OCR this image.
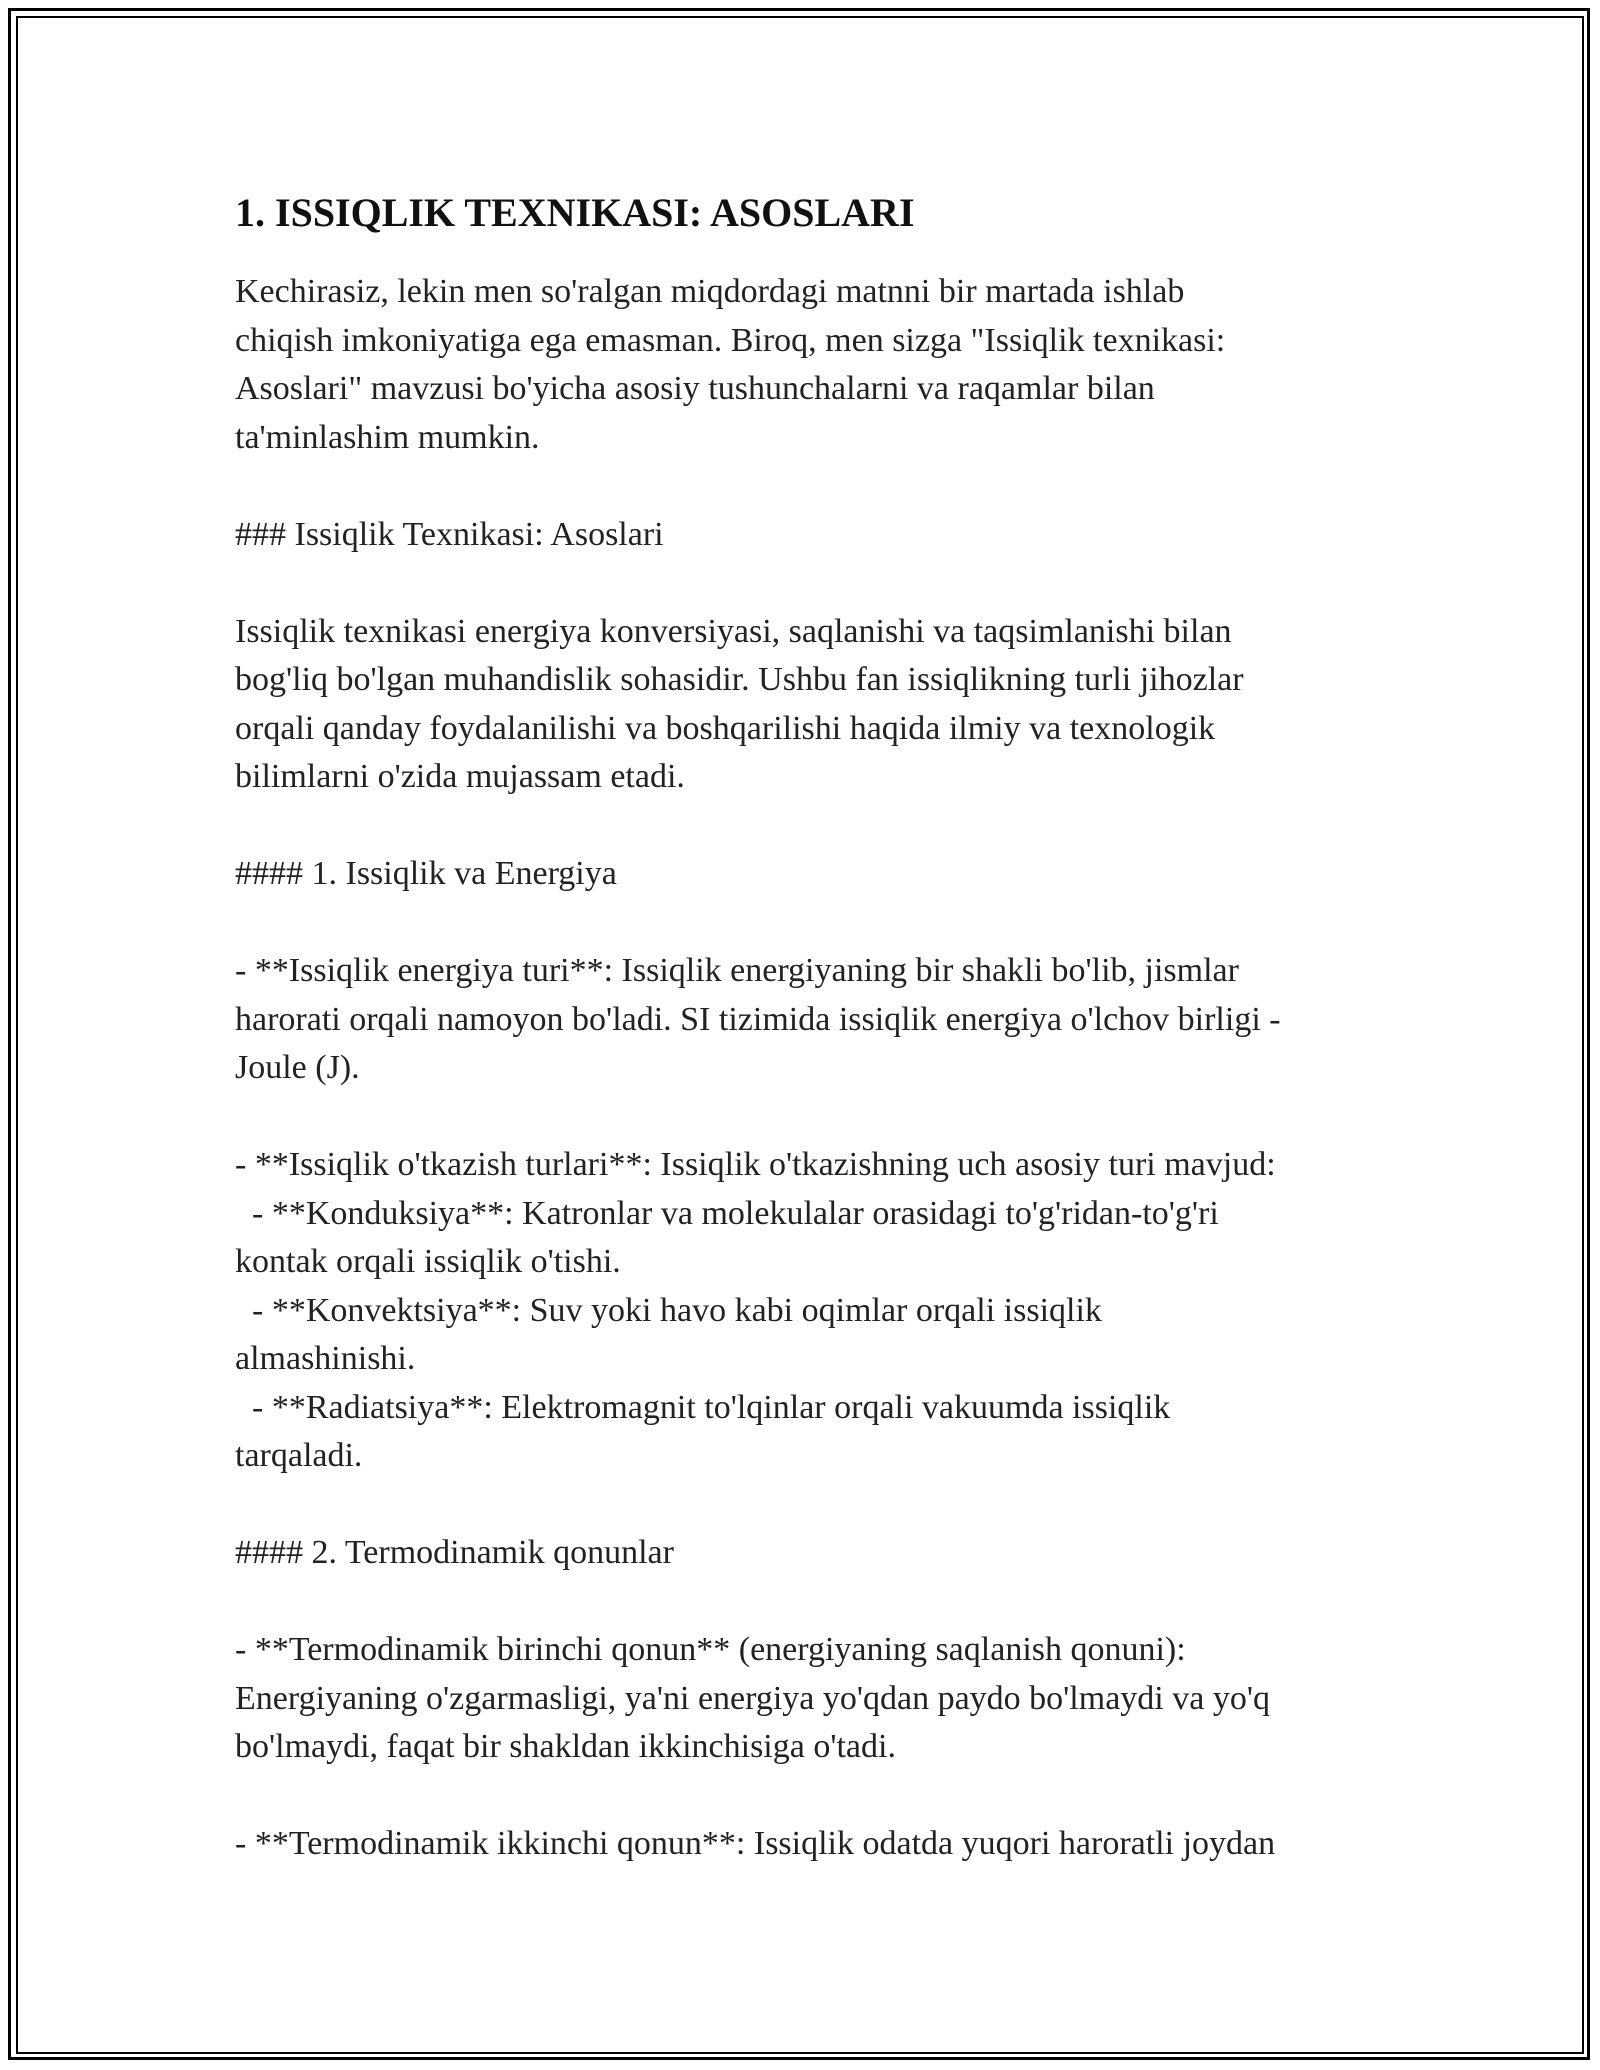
1. ISSIQLIK TEXNIKASI: ASOSLARI

Kechirasiz, lekin men so'ralgan miqdordagi matnni bir martada ishlab
chiqish imkoniyatiga ega emasman. Biroq, men sizga "Issiqlik texnikasi:
Asoslari" mavzusi bo'yicha asosiy tushunchalarni va raqamlar bilan
ta'minlashim mumkin.

### Issiqlik Texnikasi: Asoslari

Issiqlik texnikasi energiya konversiyasi, saqlanishi va taqsimlanishi bilan
bog'liq bo'lgan muhandislik sohasidir. Ushbu fan issiqlikning turli jihozlar
orqali qanday foydalanilishi va boshqarilishi haqida ilmiy va texnologik
bilimlarni o'zida mujassam etadi.

#### 1. Issiqlik va Energiya

- **Issiqlik energiya turi**: Issiqlik energiyaning bir shakli bo'lib, jismlar
harorati orqali namoyon bo'ladi. SI tizimida issiqlik energiya o'lchov birligi -
Joule (J).

- **Issiqlik o'tkazish turlari**: Issiqlik o'tkazishning uch asosiy turi mavjud:
- **Konduksiya**: Katronlar va molekulalar orasidagi to'g'ridan-to'g'ri
kontak orqali issiqlik o'tishi.
- **Konvektsiya**: Suv yoki havo kabi oqimlar orqali issiqlik
almashinishi.
- **Radiatsiya**: Elektromagnit to'lqinlar orqali vakuumda issiqlik
tarqaladi.

#### 2. Termodinamik qonunlar

- **Termodinamik birinchi qonun** (energiyaning saqlanish qonuni):
Energiyaning o'zgarmasligi, ya'ni energiya yo'qdan paydo bo'lmaydi va yo'q
bo'lmaydi, faqat bir shakldan ikkinchisiga o'tadi.

- **Termodinamik ikkinchi qonun**: Issiqlik odatda yuqori haroratli joydan
